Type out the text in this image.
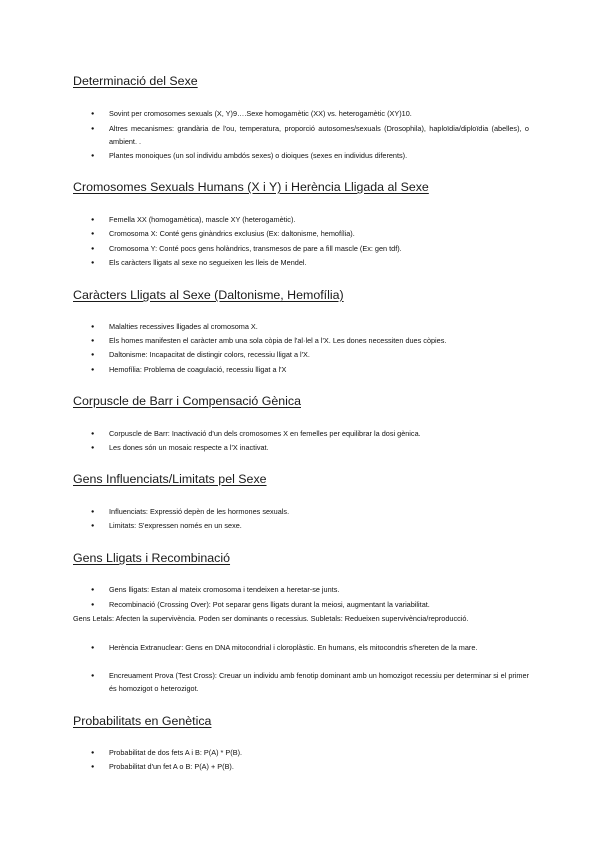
Determinació del Sexe
● Sovint per cromosomes sexuals (X, Y)9….Sexe homogamètic (XX) vs. heterogamètic (XY)10.
● Altres mecanismes: grandària de l'ou, temperatura, proporció autosomes/sexuals (Drosophila), haploïdia/diploïdia (abelles), o ambient. .
● Plantes monoiques (un sol individu ambdós sexes) o dioiques (sexes en individus diferents).
Cromosomes Sexuals Humans (X i Y) i Herència Lligada al Sexe
● Femella XX (homogamètica), mascle XY (heterogamètic).
● Cromosoma X: Conté gens ginàndrics exclusius (Ex: daltonisme, hemofília).
● Cromosoma Y: Conté pocs gens holàndrics, transmesos de pare a fill mascle (Ex: gen tdf).
● Els caràcters lligats al sexe no segueixen les lleis de Mendel.
Caràcters Lligats al Sexe (Daltonisme, Hemofília)
● Malalties recessives lligades al cromosoma X.
● Els homes manifesten el caràcter amb una sola còpia de l'al·lel a l'X. Les dones necessiten dues còpies.
● Daltonisme: Incapacitat de distingir colors, recessiu lligat a l'X.
● Hemofília: Problema de coagulació, recessiu lligat a l'X
Corpuscle de Barr i Compensació Gènica
● Corpuscle de Barr: Inactivació d'un dels cromosomes X en femelles per equilibrar la dosi gènica.
● Les dones són un mosaic respecte a l'X inactivat.
Gens Influenciats/Limitats pel Sexe
● Influenciats: Expressió depèn de les hormones sexuals.
● Limitats: S'expressen només en un sexe.
Gens Lligats i Recombinació
● Gens lligats: Estan al mateix cromosoma i tendeixen a heretar-se junts.
● Recombinació (Crossing Over): Pot separar gens lligats durant la meiosi, augmentant la variabilitat.
Gens Letals: Afecten la supervivència. Poden ser dominants o recessius. Subletals: Redueixen supervivència/reproducció.
● Herència Extranuclear: Gens en DNA mitocondrial i cloroplàstic. En humans, els mitocondris s'hereten de la mare.
● Encreuament Prova (Test Cross): Creuar un individu amb fenotip dominant amb un homozigot recessiu per determinar si el primer és homozigot o heterozigot.
Probabilitats en Genètica
● Probabilitat de dos fets A i B: P(A) * P(B).
● Probabilitat d'un fet A o B: P(A) + P(B).
